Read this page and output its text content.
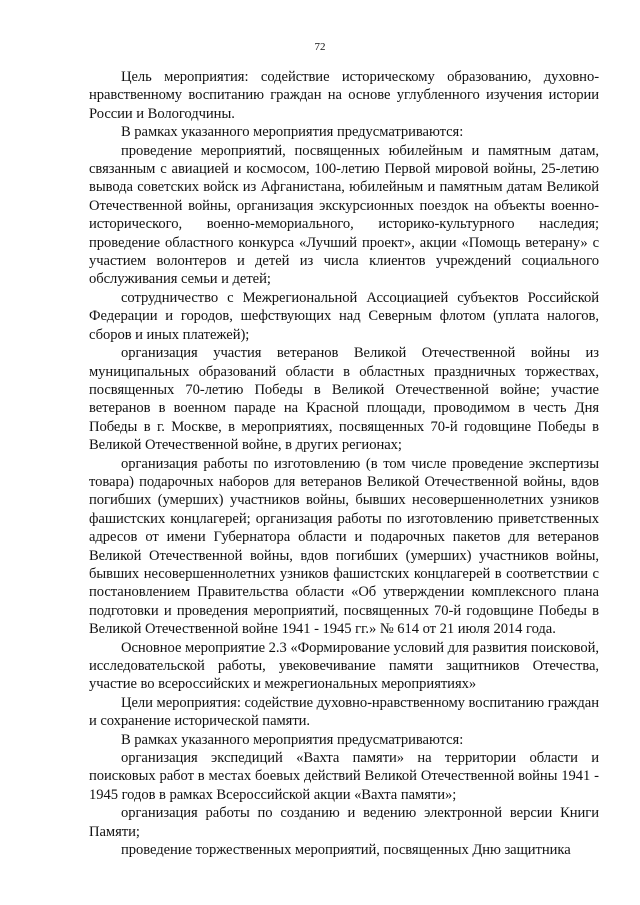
72

Цель мероприятия: содействие историческому образованию, духовно-нравственному воспитанию граждан на основе углубленного изучения истории России и Вологодчины.

В рамках указанного мероприятия предусматриваются:

проведение мероприятий, посвященных юбилейным и памятным датам, связанным с авиацией и космосом, 100-летию Первой мировой войны, 25-летию вывода советских войск из Афганистана, юбилейным и памятным датам Великой Отечественной войны, организация экскурсионных поездок на объекты военно-исторического, военно-мемориального, историко-культурного наследия; проведение областного конкурса «Лучший проект», акции «Помощь ветерану» с участием волонтеров и детей из числа клиентов учреждений социального обслуживания семьи и детей;

сотрудничество с Межрегиональной Ассоциацией субъектов Российской Федерации и городов, шефствующих над Северным флотом (уплата налогов, сборов и иных платежей);

организация участия ветеранов Великой Отечественной войны из муниципальных образований области в областных праздничных торжествах, посвященных 70-летию Победы в Великой Отечественной войне; участие ветеранов в военном параде на Красной площади, проводимом в честь Дня Победы в г. Москве, в мероприятиях, посвященных 70-й годовщине Победы в Великой Отечественной войне, в других регионах;

организация работы по изготовлению (в том числе проведение экспертизы товара) подарочных наборов для ветеранов Великой Отечественной войны, вдов погибших (умерших) участников войны, бывших несовершеннолетних узников фашистских концлагерей; организация работы по изготовлению приветственных адресов от имени Губернатора области и подарочных пакетов для ветеранов Великой Отечественной войны, вдов погибших (умерших) участников войны, бывших несовершеннолетних узников фашистских концлагерей в соответствии с постановлением Правительства области «Об утверждении комплексного плана подготовки и проведения мероприятий, посвященных 70-й годовщине Победы в Великой Отечественной войне 1941 - 1945 гг.» № 614 от 21 июля 2014 года.

Основное мероприятие 2.3 «Формирование условий для развития поисковой, исследовательской работы, увековечивание памяти защитников Отечества, участие во всероссийских и межрегиональных мероприятиях»

Цели мероприятия: содействие духовно-нравственному воспитанию граждан и сохранение исторической памяти.

В рамках указанного мероприятия предусматриваются:

организация экспедиций «Вахта памяти» на территории области и поисковых работ в местах боевых действий Великой Отечественной войны 1941 - 1945 годов в рамках Всероссийской акции «Вахта памяти»;

организация работы по созданию и ведению электронной версии Книги Памяти;

проведение торжественных мероприятий, посвященных Дню защитника
